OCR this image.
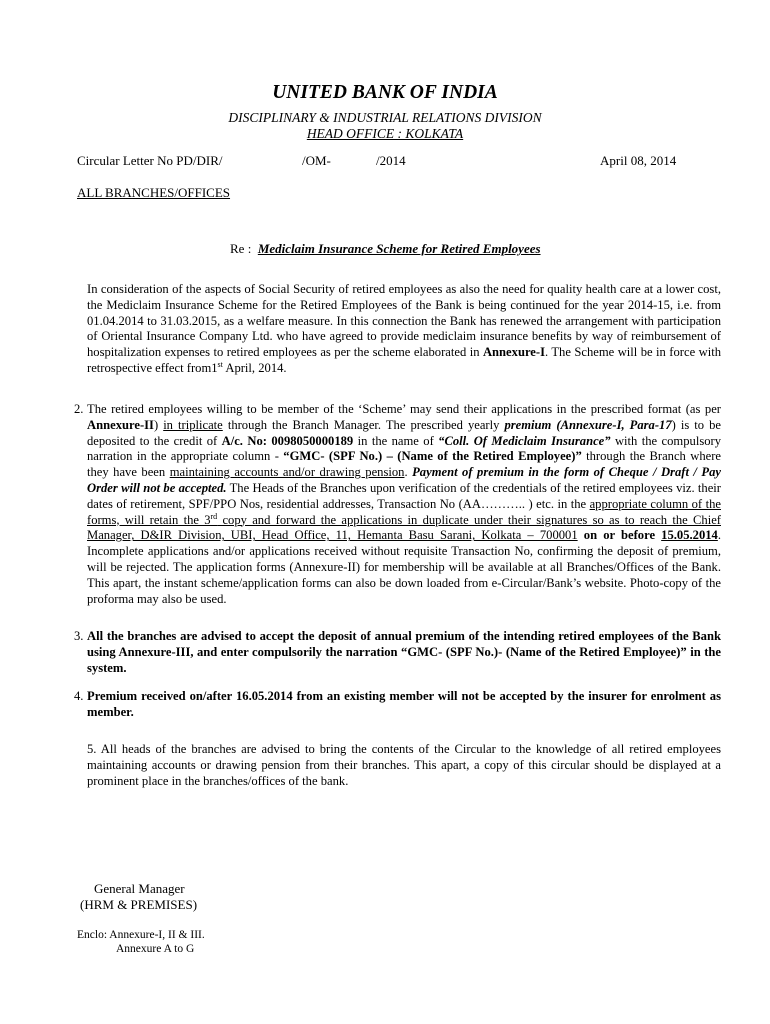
UNITED BANK OF INDIA
DISCIPLINARY & INDUSTRIAL RELATIONS DIVISION
HEAD OFFICE : KOLKATA
Circular Letter No PD/DIR/	/OM-	/2014	April 08, 2014
ALL BRANCHES/OFFICES
Re : Mediclaim Insurance Scheme for Retired Employees
In consideration of the aspects of Social Security of retired employees as also the need for quality health care at a lower cost, the Mediclaim Insurance Scheme for the Retired Employees of the Bank is being continued for the year 2014-15, i.e. from 01.04.2014 to 31.03.2015, as a welfare measure. In this connection the Bank has renewed the arrangement with participation of Oriental Insurance Company Ltd. who have agreed to provide mediclaim insurance benefits by way of reimbursement of hospitalization expenses to retired employees as per the scheme elaborated in Annexure-I. The Scheme will be in force with retrospective effect from1st April, 2014.
2. The retired employees willing to be member of the ‘Scheme’ may send their applications in the prescribed format (as per Annexure-II) in triplicate through the Branch Manager. The prescribed yearly premium (Annexure-I, Para-17) is to be deposited to the credit of A/c. No: 0098050000189 in the name of “Coll. Of Mediclaim Insurance” with the compulsory narration in the appropriate column - “GMC- (SPF No.) – (Name of the Retired Employee)” through the Branch where they have been maintaining accounts and/or drawing pension. Payment of premium in the form of Cheque / Draft / Pay Order will not be accepted. The Heads of the Branches upon verification of the credentials of the retired employees viz. their dates of retirement, SPF/PPO Nos, residential addresses, Transaction No (AA……….. ) etc. in the appropriate column of the forms, will retain the 3rd copy and forward the applications in duplicate under their signatures so as to reach the Chief Manager, D&IR Division, UBI, Head Office, 11, Hemanta Basu Sarani, Kolkata – 700001 on or before 15.05.2014. Incomplete applications and/or applications received without requisite Transaction No, confirming the deposit of premium, will be rejected. The application forms (Annexure-II) for membership will be available at all Branches/Offices of the Bank. This apart, the instant scheme/application forms can also be down loaded from e-Circular/Bank’s website. Photo-copy of the proforma may also be used.
3. All the branches are advised to accept the deposit of annual premium of the intending retired employees of the Bank using Annexure-III, and enter compulsorily the narration “GMC- (SPF No.)- (Name of the Retired Employee)” in the system.
4. Premium received on/after 16.05.2014 from an existing member will not be accepted by the insurer for enrolment as member.
5. All heads of the branches are advised to bring the contents of the Circular to the knowledge of all retired employees maintaining accounts or drawing pension from their branches. This apart, a copy of this circular should be displayed at a prominent place in the branches/offices of the bank.
General Manager
(HRM & PREMISES)
Enclo: Annexure-I, II & III.
Annexure A to G
